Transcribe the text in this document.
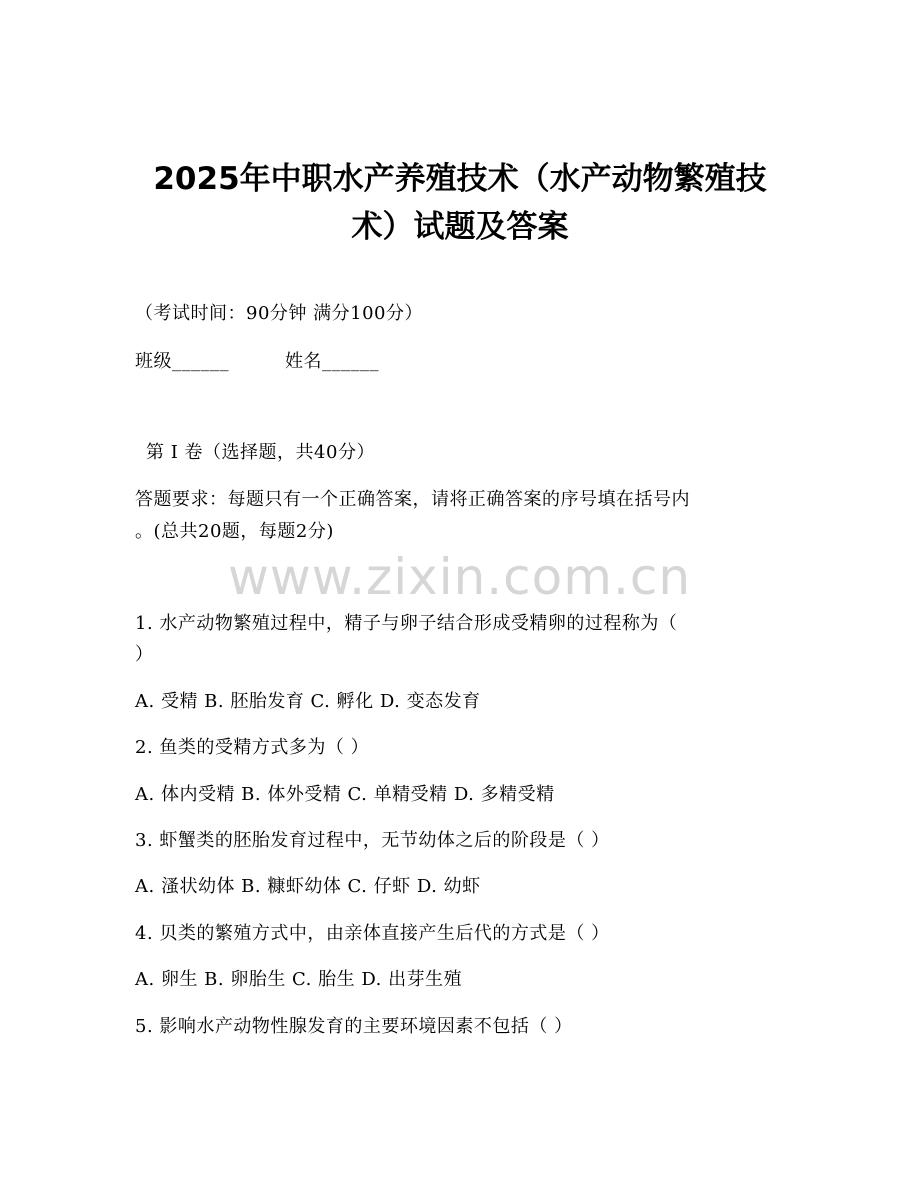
2025年中职水产养殖技术（水产动物繁殖技
术）试题及答案
（考试时间：90分钟 满分100分）
班级______	姓名______
第 I 卷（选择题，共40分）
答题要求：每题只有一个正确答案，请将正确答案的序号填在括号内
。(总共20题，每题2分)
www.zixin.com.cn
1. 水产动物繁殖过程中，精子与卵子结合形成受精卵的过程称为（
）
A. 受精 B. 胚胎发育 C. 孵化 D. 变态发育
2. 鱼类的受精方式多为（ ）
A. 体内受精 B. 体外受精 C. 单精受精 D. 多精受精
3. 虾蟹类的胚胎发育过程中，无节幼体之后的阶段是（ ）
A. 溞状幼体 B. 糠虾幼体 C. 仔虾 D. 幼虾
4. 贝类的繁殖方式中，由亲体直接产生后代的方式是（ ）
A. 卵生 B. 卵胎生 C. 胎生 D. 出芽生殖
5. 影响水产动物性腺发育的主要环境因素不包括（ ）
